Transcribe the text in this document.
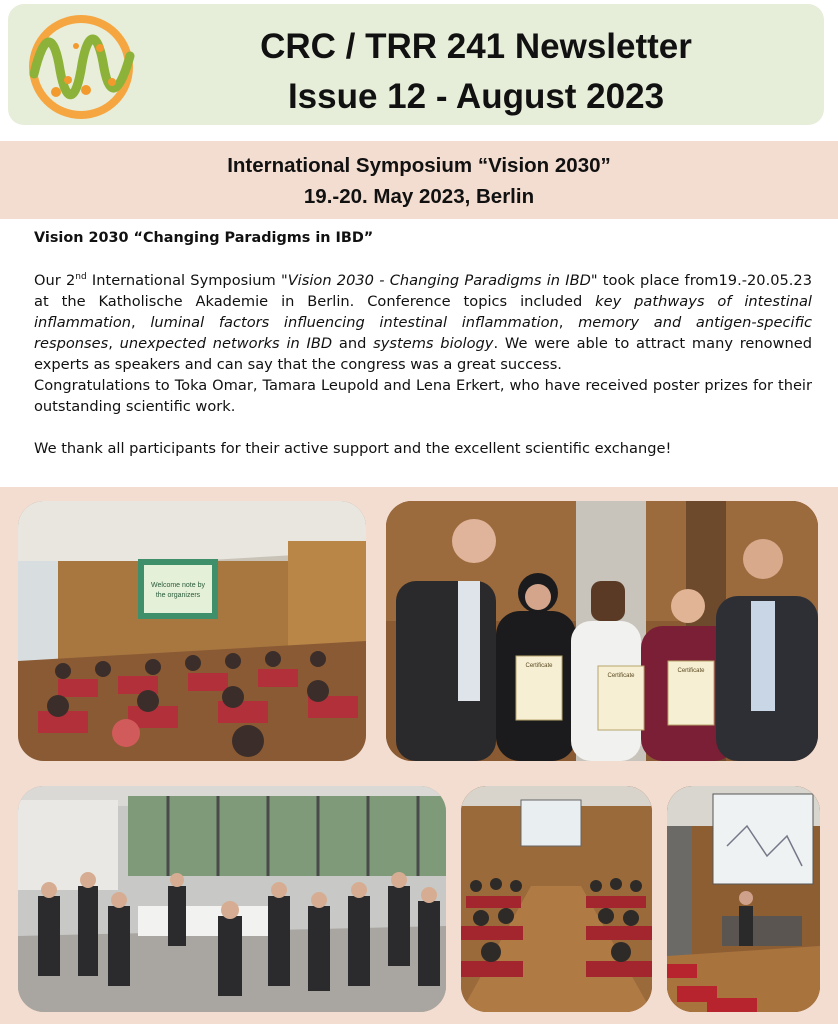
CRC / TRR 241 Newsletter
Issue 12 - August 2023
International Symposium “Vision 2030”
19.-20. May 2023, Berlin

Vision 2030 “Changing Paradigms in IBD”

Our 2nd International Symposium "Vision 2030 - Changing Paradigms in IBD" took place from19.-20.05.23 at the Katholische Akademie in Berlin. Conference topics included key pathways of intestinal inflammation, luminal factors influencing intestinal inflammation, memory and antigen-specific responses, unexpected networks in IBD and systems biology. We were able to attract many renowned experts as speakers and can say that the congress was a great success.

Congratulations to Toka Omar, Tamara Leupold and Lena Erkert, who have received poster prizes for their outstanding scientific work.

We thank all participants for their active support and the excellent scientific exchange!

Welcome note by
the organizers
Certificate
Certificate
Certificate
